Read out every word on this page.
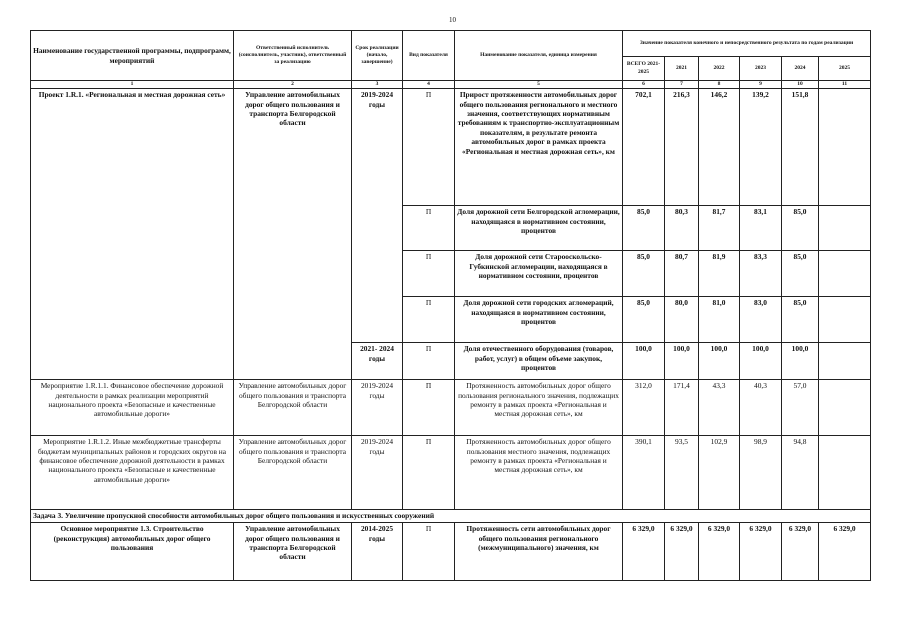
10
Наименование государственной программы, подпрограмм, мероприятий	Ответственный исполнитель (соисполнитель, участник), ответственный за реализацию	Срок реализации (начало, завершение)	Вид показателя	Наименование показателя, единица измерения	Значение показателя конечного и непосредственного результата по годам реализации					
					ВСЕГО 2021-2025	2021	2022	2023	2024	2025
1	2	3	4	5	6	7	8	9	10	11
Проект 1.R.1. «Региональная и местная дорожная сеть»	Управление автомобильных дорог общего пользования и транспорта Белгородской области	2019-2024 годы	П	Прирост протяженности автомобильных дорог общего пользования регионального и местного значения, соответствующих нормативным требованиям к транспортно-эксплуатационным показателям, в результате ремонта автомобильных дорог в рамках проекта «Региональная и местная дорожная сеть», км	702,1	216,3	146,2	139,2	151,8	
			П	Доля дорожной сети Белгородской агломерации, находящаяся в нормативном состоянии, процентов	85,0	80,3	81,7	83,1	85,0	
			П	Доля дорожной сети Старооскольско-Губкинской агломерации, находящаяся в нормативном состоянии, процентов	85,0	80,7	81,9	83,3	85,0	
			П	Доля дорожной сети городских агломераций, находящаяся в нормативном состоянии, процентов	85,0	80,0	81,0	83,0	85,0	
		2021- 2024 годы	П	Доля отечественного оборудования (товаров, работ, услуг) в общем объеме закупок, процентов	100,0	100,0	100,0	100,0	100,0	
Мероприятие 1.R.1.1. Финансовое обеспечение дорожной деятельности в рамках реализации мероприятий национального проекта «Безопасные и качественные автомобильные дороги»	Управление автомобильных дорог общего пользования и транспорта Белгородской области	2019-2024 годы	П	Протяженность автомобильных дорог общего пользования регионального значения, подлежащих ремонту в рамках проекта «Региональная и местная дорожная сеть», км	312,0	171,4	43,3	40,3	57,0	
Мероприятие 1.R.1.2. Иные межбюджетные трансферты бюджетам муниципальных районов и городских округов на финансовое обеспечение дорожной деятельности в рамках национального проекта «Безопасные и качественные автомобильные дороги»	Управление автомобильных дорог общего пользования и транспорта Белгородской области	2019-2024 годы	П	Протяженность автомобильных дорог общего пользования местного значения, подлежащих ремонту в рамках проекта «Региональная и местная дорожная сеть», км	390,1	93,5	102,9	98,9	94,8	
Задача 3. Увеличение пропускной способности автомобильных дорог общего пользования и искусственных сооружений										
Основное мероприятие 1.3. Строительство (реконструкция) автомобильных дорог общего пользования	Управление автомобильных дорог общего пользования и транспорта Белгородской области	2014-2025 годы	П	Протяженность сети автомобильных дорог общего пользования регионального (межмуниципального) значения, км	6 329,0	6 329,0	6 329,0	6 329,0	6 329,0	6 329,0
